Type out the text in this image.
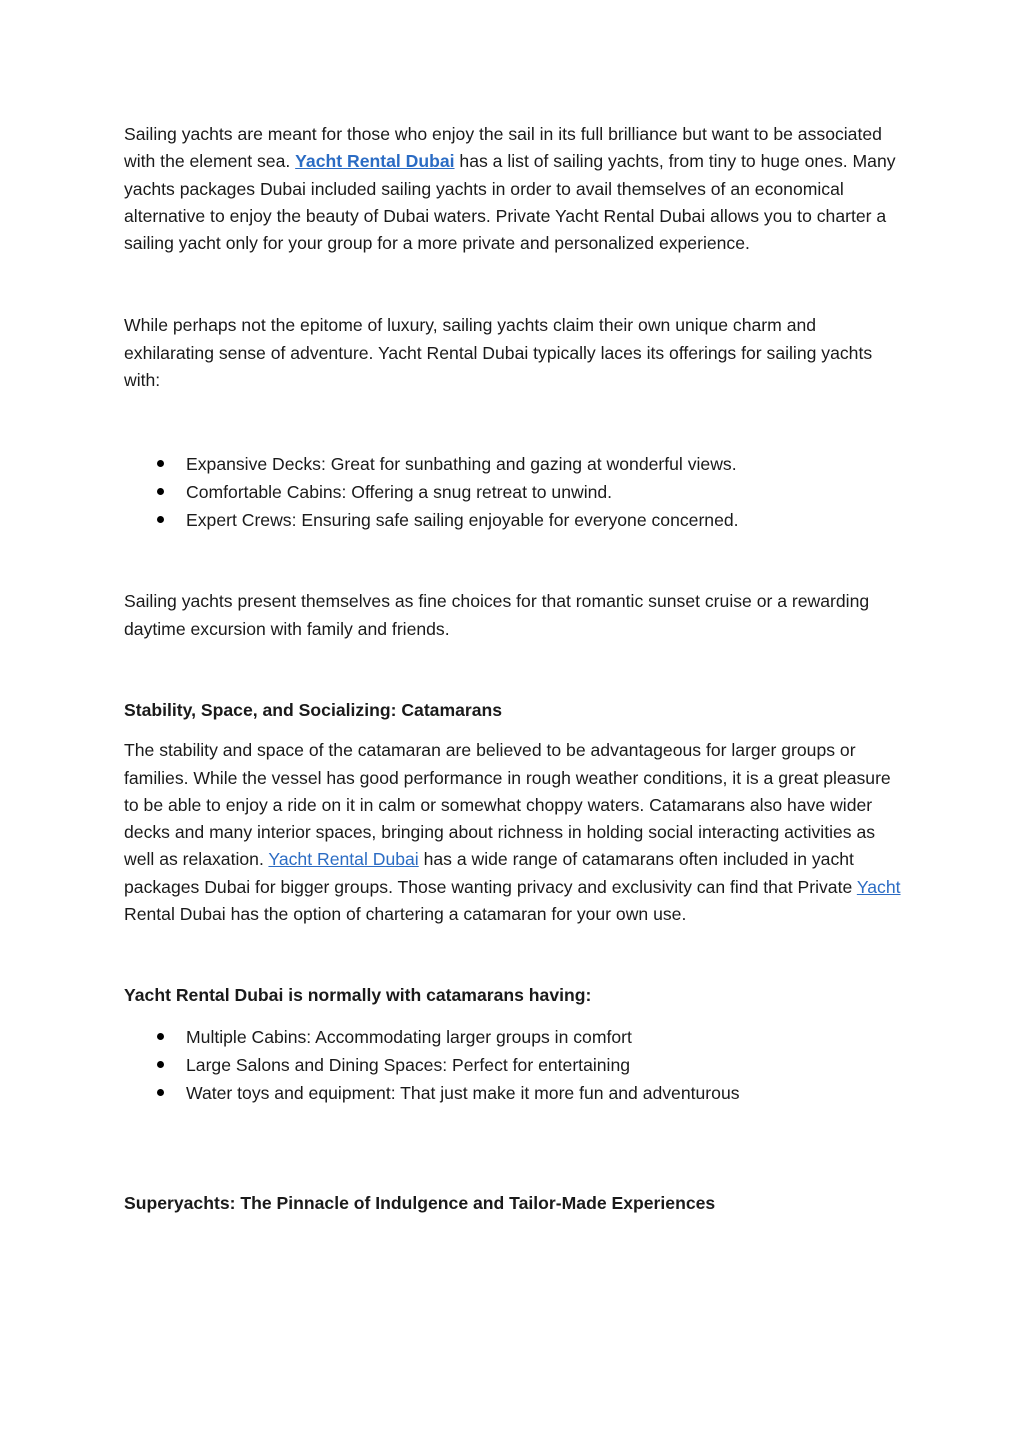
Sailing yachts are meant for those who enjoy the sail in its full brilliance but want to be associated with the element sea. Yacht Rental Dubai has a list of sailing yachts, from tiny to huge ones. Many yachts packages Dubai included sailing yachts in order to avail themselves of an economical alternative to enjoy the beauty of Dubai waters. Private Yacht Rental Dubai allows you to charter a sailing yacht only for your group for a more private and personalized experience.

While perhaps not the epitome of luxury, sailing yachts claim their own unique charm and exhilarating sense of adventure. Yacht Rental Dubai typically laces its offerings for sailing yachts with:

Expansive Decks: Great for sunbathing and gazing at wonderful views.
Comfortable Cabins: Offering a snug retreat to unwind.
Expert Crews: Ensuring safe sailing enjoyable for everyone concerned.

Sailing yachts present themselves as fine choices for that romantic sunset cruise or a rewarding daytime excursion with family and friends.

Stability, Space, and Socializing: Catamarans

The stability and space of the catamaran are believed to be advantageous for larger groups or families. While the vessel has good performance in rough weather conditions, it is a great pleasure to be able to enjoy a ride on it in calm or somewhat choppy waters. Catamarans also have wider decks and many interior spaces, bringing about richness in holding social interacting activities as well as relaxation. Yacht Rental Dubai has a wide range of catamarans often included in yacht packages Dubai for bigger groups. Those wanting privacy and exclusivity can find that Private Yacht Rental Dubai has the option of chartering a catamaran for your own use.

Yacht Rental Dubai is normally with catamarans having:

Multiple Cabins: Accommodating larger groups in comfort
Large Salons and Dining Spaces: Perfect for entertaining
Water toys and equipment: That just make it more fun and adventurous

Superyachts: The Pinnacle of Indulgence and Tailor-Made Experiences
